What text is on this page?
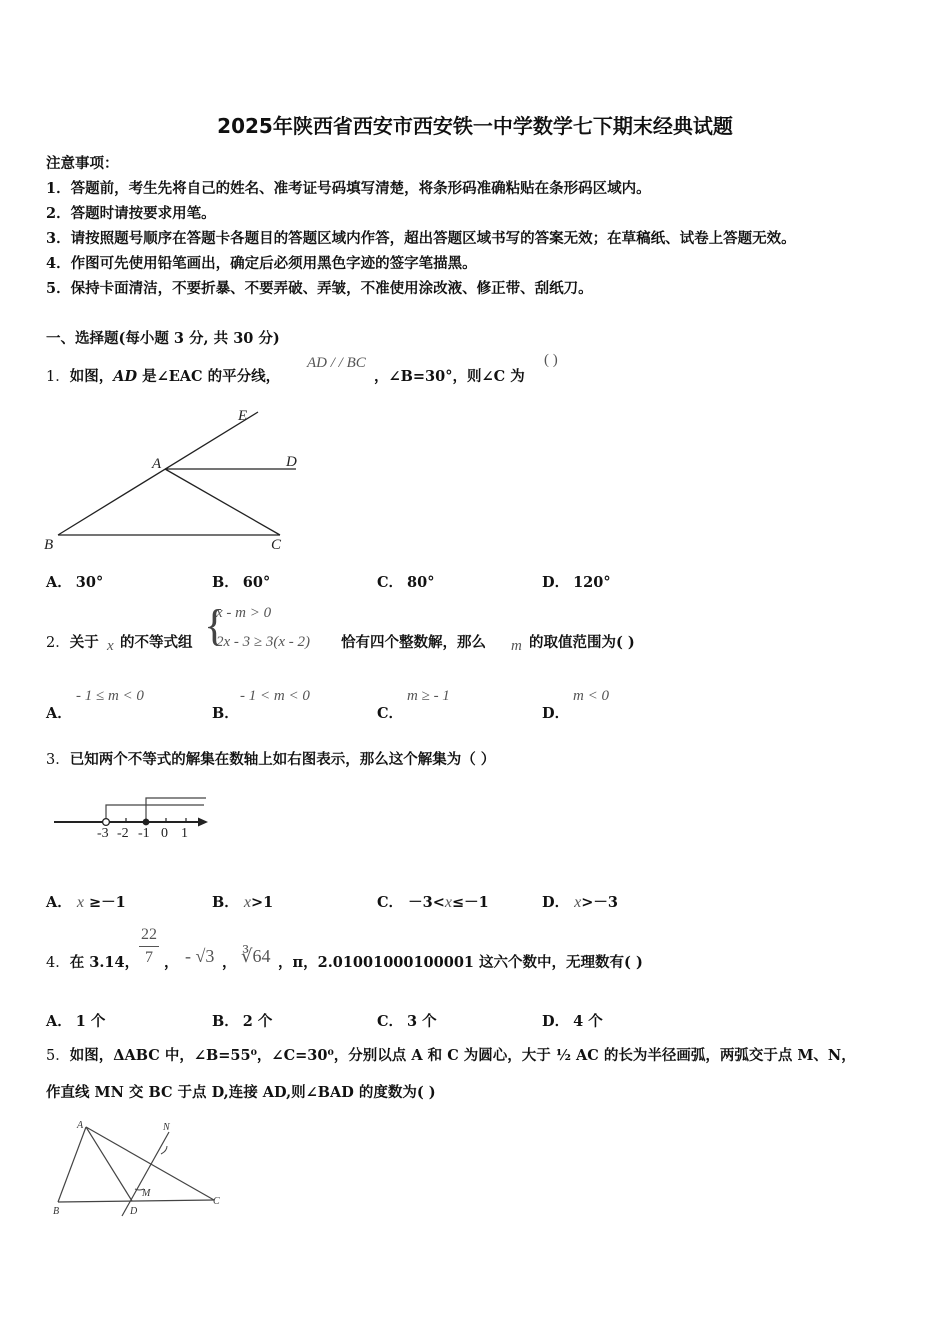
2025年陕西省西安市西安铁一中学数学七下期末经典试题
注意事项：
1．答题前，考生先将自己的姓名、准考证号码填写清楚，将条形码准确粘贴在条形码区域内。
2．答题时请按要求用笔。
3．请按照题号顺序在答题卡各题目的答题区域内作答，超出答题区域书写的答案无效；在草稿纸、试卷上答题无效。
4．作图可先使用铅笔画出，确定后必须用黑色字迹的签字笔描黑。
5．保持卡面清洁，不要折暴、不要弄破、弄皱，不准使用涂改液、修正带、刮纸刀。
一、选择题(每小题 3 分, 共 30 分)
1．如图，AD 是∠EAC 的平分线，
AD / / BC
，∠B=30°，则∠C 为
( )
E
A	D
B	C
A． 30°	B． 60°	C． 80°	D． 120°
2．关于 x 的不等式组 {
x - m > 0
2x - 3 ≥ 3(x - 2) 恰有四个整数解，那么 m 的取值范围为( )
A．
- 1 ≤ m < 0
B．
- 1 < m < 0
C．
m ≥ - 1
D．
m < 0
3．已知两个不等式的解集在数轴上如右图表示，那么这个解集为（ ）
-3 -2 -1 0 1
A． x ≥－1	B． x>1	C． －3<x≤－1	D． x>－3
4．在 3.14， $\frac{22}{7}$ ， - √3 ， ∛64 ，π，2.01001000100001 这六个数中，无理数有( )
A． 1 个	B． 2 个	C． 3 个	D． 4 个
5．如图，ΔABC 中，∠B=55⁰，∠C=30⁰，分别以点 A 和 C 为圆心，大于 ½ AC 的长为半径画弧，两弧交于点 M、N，
作直线 MN 交 BC 于点 D,连接 AD,则∠BAD 的度数为( )
A	N
M
B	D
C
